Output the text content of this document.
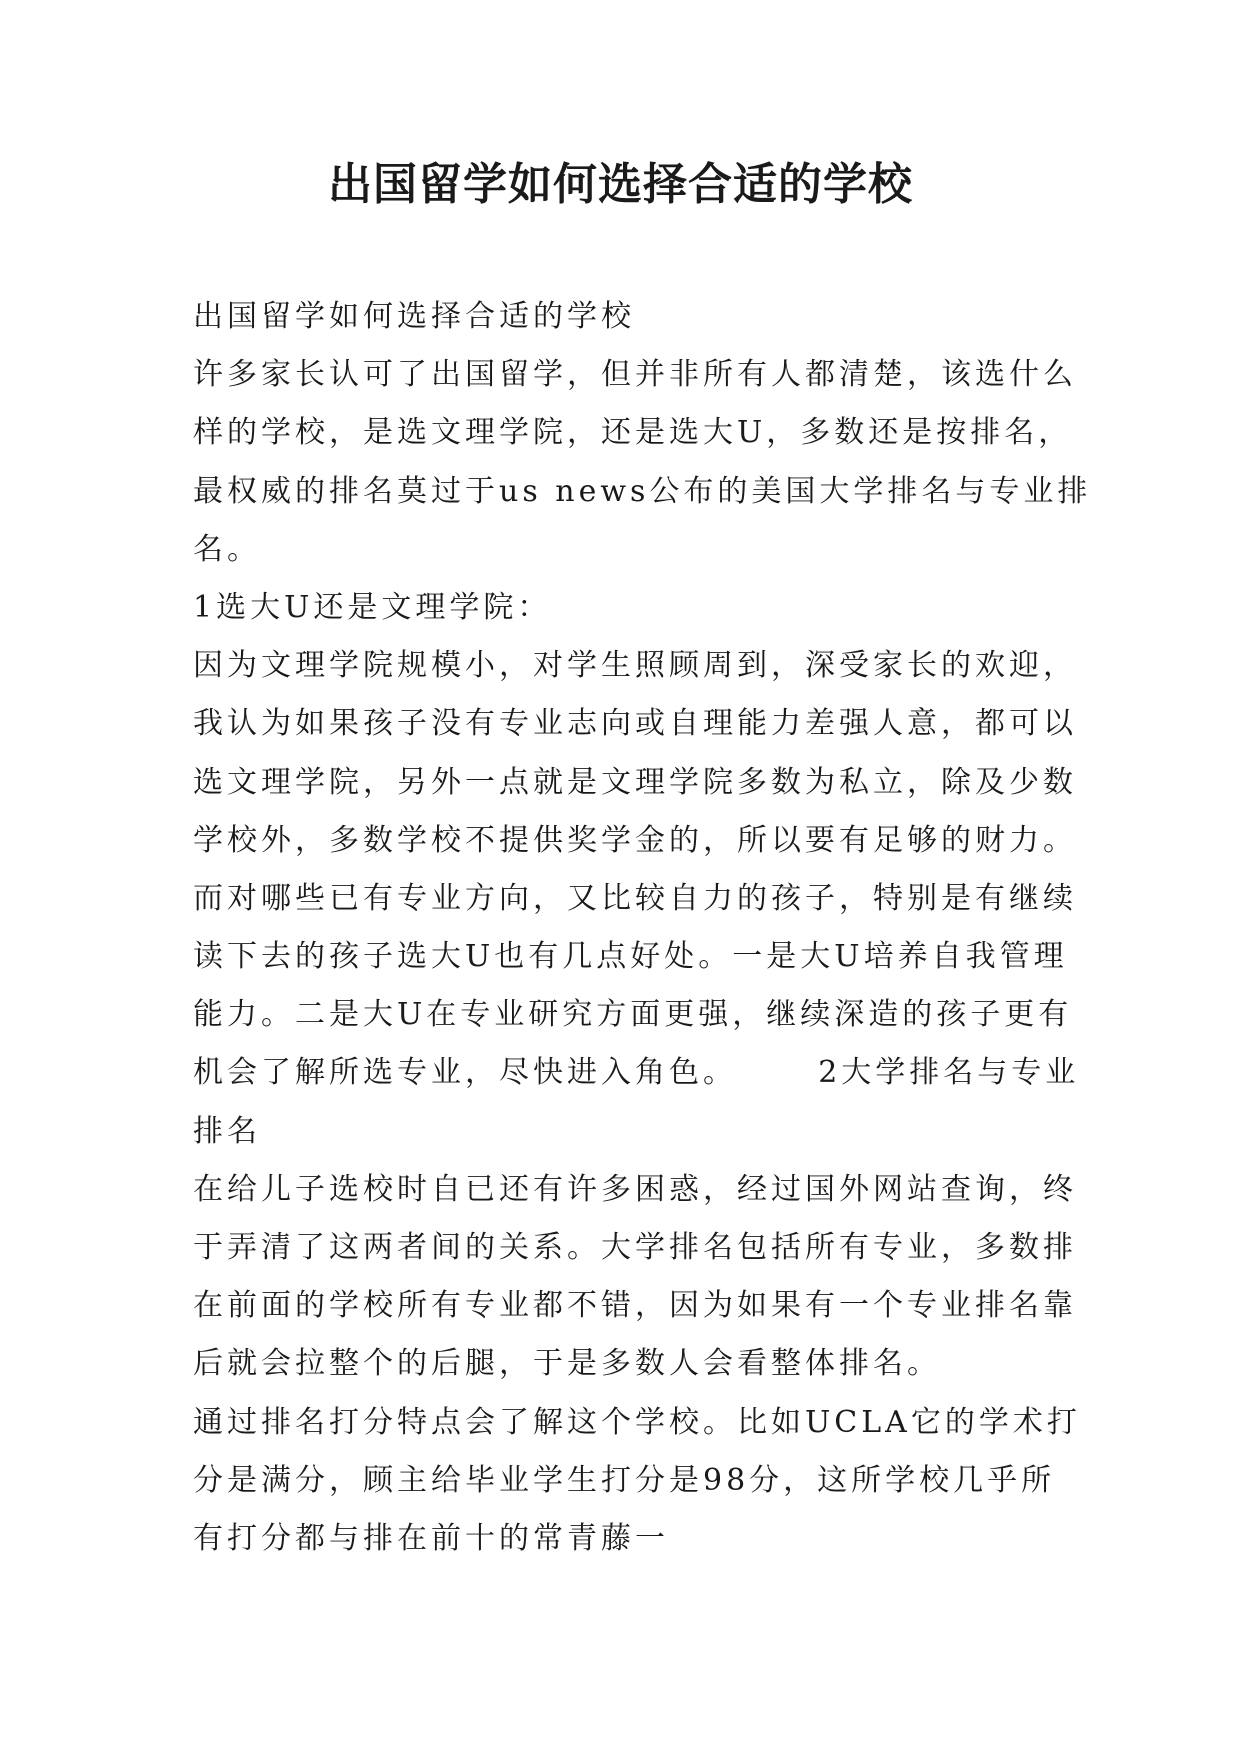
出国留学如何选择合适的学校
出国留学如何选择合适的学校
许多家长认可了出国留学，但并非所有人都清楚，该选什么
样的学校，是选文理学院，还是选大U，多数还是按排名，
最权威的排名莫过于us news公布的美国大学排名与专业排
名。
1选大U还是文理学院：
因为文理学院规模小，对学生照顾周到，深受家长的欢迎，
我认为如果孩子没有专业志向或自理能力差强人意，都可以
选文理学院，另外一点就是文理学院多数为私立，除及少数
学校外，多数学校不提供奖学金的，所以要有足够的财力。
而对哪些已有专业方向，又比较自力的孩子，特别是有继续
读下去的孩子选大U也有几点好处。一是大U培养自我管理
能力。二是大U在专业研究方面更强，继续深造的孩子更有
机会了解所选专业，尽快进入角色。      2大学排名与专业
排名
在给儿子选校时自已还有许多困惑，经过国外网站查询，终
于弄清了这两者间的关系。大学排名包括所有专业，多数排
在前面的学校所有专业都不错，因为如果有一个专业排名靠
后就会拉整个的后腿，于是多数人会看整体排名。
通过排名打分特点会了解这个学校。比如UCLA它的学术打
分是满分，顾主给毕业学生打分是98分，这所学校几乎所
有打分都与排在前十的常青藤一
